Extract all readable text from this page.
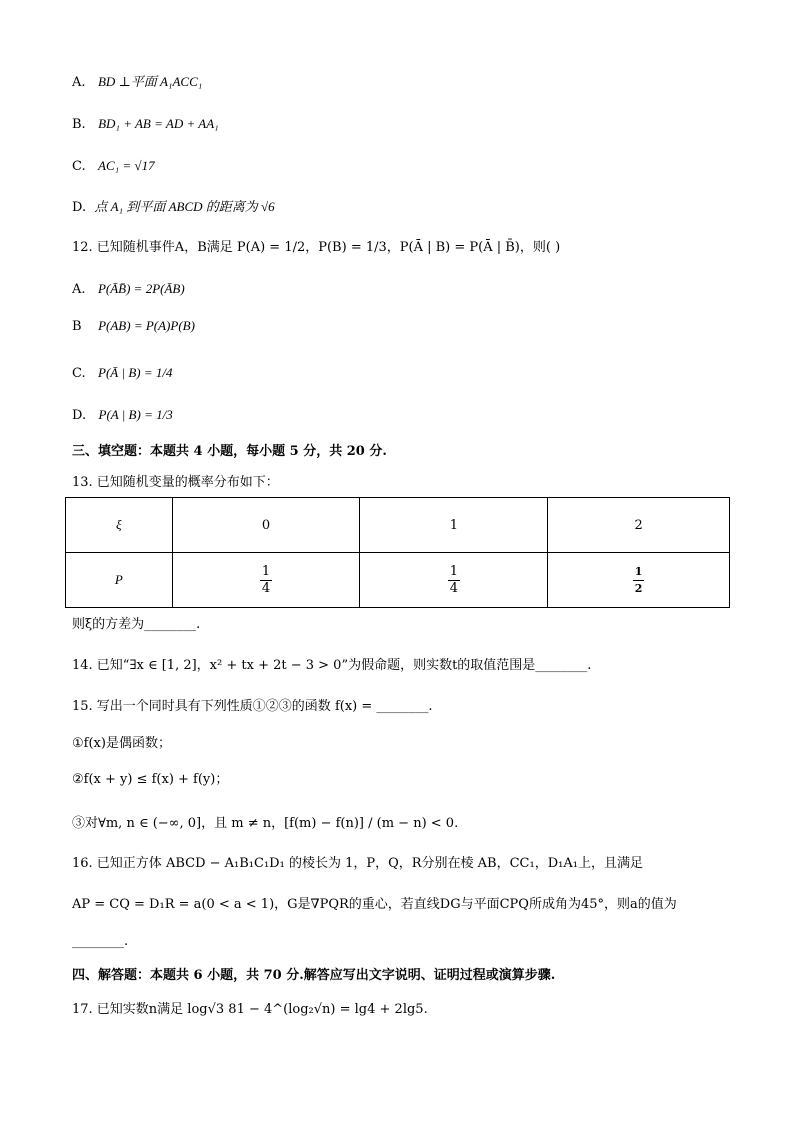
A. BD ⊥平面 A₁ACC₁
B. BD₁ + AB = AD + AA₁
C. AC₁ = √17
D. 点 A₁ 到平面 ABCD 的距离为 √6
12. 已知随机事件A，B满足 P(A) = 1/2，P(B) = 1/3，P(Ā | B) = P(Ā | B̄)，则( )
A. P(ĀB̄) = 2P(ĀB)
B P(AB) = P(A)P(B)
C. P(Ā | B) = 1/4
D. P(A | B) = 1/3
三、填空题：本题共 4 小题，每小题 5 分，共 20 分.
13. 已知随机变量的概率分布如下：
ξ	0	1	2
P	$\frac{1}{4}$	$\frac{1}{4}$	$\frac{1}{2}$
则ξ的方差为________.
14. 已知“∃x ∈ [1, 2]，x² + tx + 2t − 3 > 0”为假命题，则实数t的取值范围是________.
15. 写出一个同时具有下列性质①②③的函数 f(x) = ________.
①f(x)是偶函数；
②f(x + y) ≤ f(x) + f(y)；
③对∀m, n ∈ (−∞, 0]，且 m ≠ n，[f(m) − f(n)] / (m − n) < 0.
16. 已知正方体 ABCD − A₁B₁C₁D₁ 的棱长为 1，P，Q，R分别在棱 AB，CC₁，D₁A₁上，且满足
AP = CQ = D₁R = a(0 < a < 1)，G是∇PQR的重心，若直线DG与平面CPQ所成角为45°，则a的值为
________.
四、解答题：本题共 6 小题，共 70 分.解答应写出文字说明、证明过程或演算步骤.
17. 已知实数n满足 log√3 81 − 4^(log₂√n) = lg4 + 2lg5.
